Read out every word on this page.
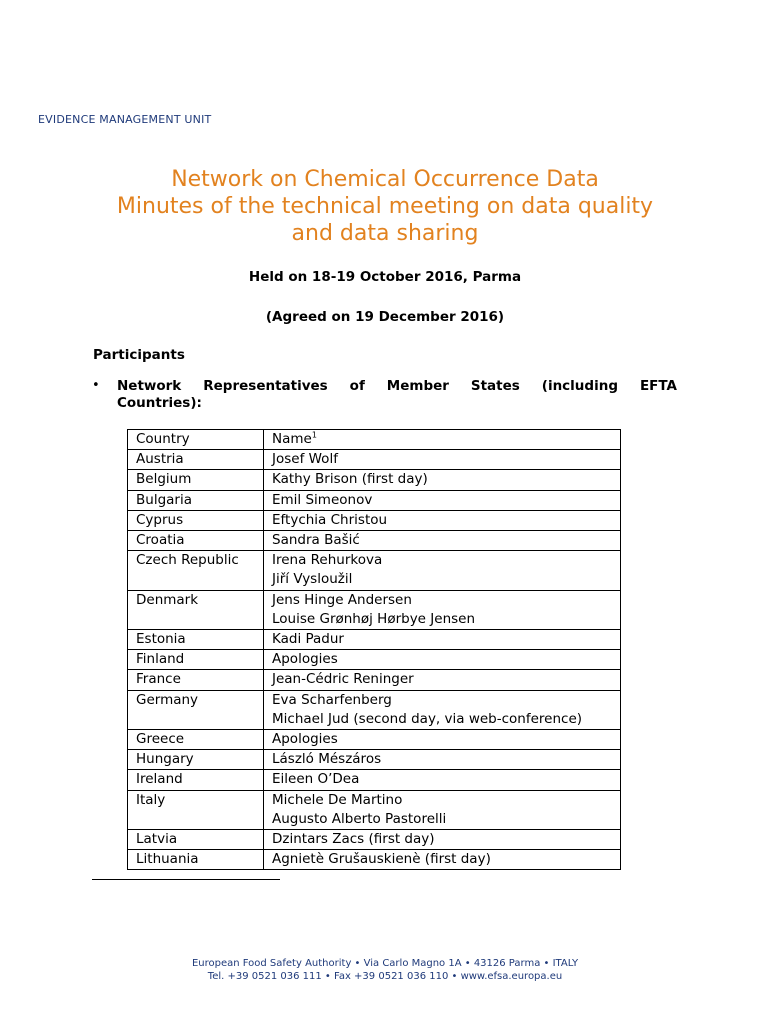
EVIDENCE MANAGEMENT UNIT
Network on Chemical Occurrence Data
Minutes of the technical meeting on data quality
and data sharing
Held on 18-19 October 2016, Parma
(Agreed on 19 December 2016)
Participants
• Network Representatives of Member States (including EFTA
Countries):
Country	Name$^1$
Austria	Josef Wolf

Belgium	Kathy Brison (first day)

Bulgaria	Emil Simeonov

Cyprus	Eftychia Christou

Croatia	Sandra Bašić

Czech Republic	Irena Rehurkova
Jiří Vysloužil

Denmark	Jens Hinge Andersen
Louise Grønhøj Hørbye Jensen

Estonia	Kadi Padur

Finland	Apologies

France	Jean-Cédric Reninger

Germany	Eva Scharfenberg
Michael Jud (second day, via web-conference)

Greece	Apologies

Hungary	László Mészáros

Ireland	Eileen O’Dea

Italy	Michele De Martino
Augusto Alberto Pastorelli

Latvia	Dzintars Zacs (first day)

Lithuania	Agnietè Grušauskienè (first day)
European Food Safety Authority • Via Carlo Magno 1A • 43126 Parma • ITALY
Tel. +39 0521 036 111 • Fax +39 0521 036 110 • www.efsa.europa.eu
